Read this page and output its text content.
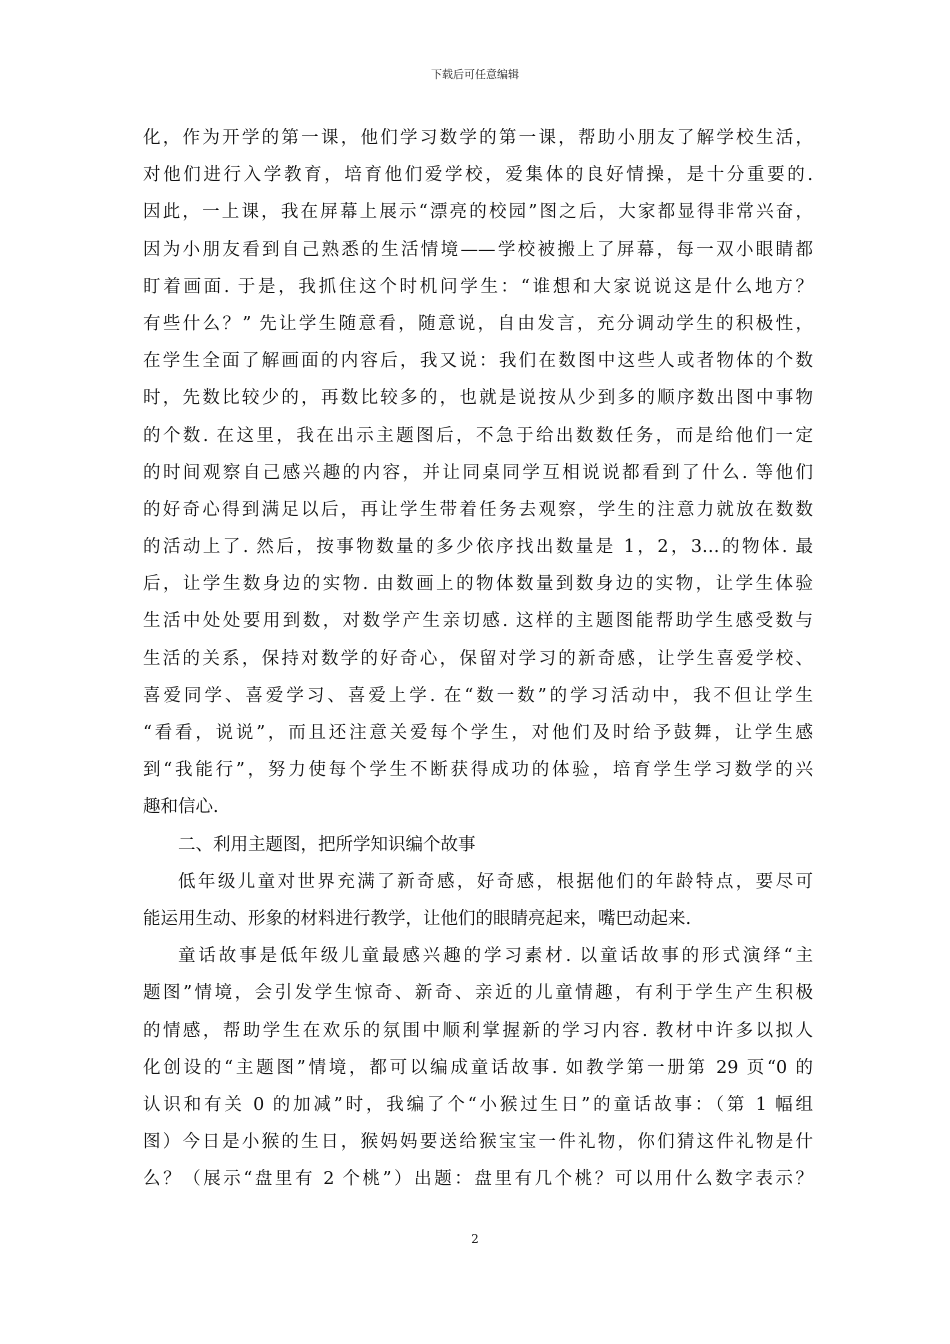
下载后可任意编辑
化，作为开学的第一课，他们学习数学的第一课，帮助小朋友了解学校生活，
对他们进行入学教育，培育他们爱学校，爱集体的良好情操，是十分重要的.
因此，一上课，我在屏幕上展示“漂亮的校园”图之后，大家都显得非常兴奋，
因为小朋友看到自己熟悉的生活情境——学校被搬上了屏幕，每一双小眼睛都
盯着画面. 于是，我抓住这个时机问学生：“谁想和大家说说这是什么地方？
有些什么？” 先让学生随意看，随意说，自由发言，充分调动学生的积极性，
在学生全面了解画面的内容后，我又说：我们在数图中这些人或者物体的个数
时，先数比较少的，再数比较多的，也就是说按从少到多的顺序数出图中事物
的个数. 在这里，我在出示主题图后，不急于给出数数任务，而是给他们一定
的时间观察自己感兴趣的内容，并让同桌同学互相说说都看到了什么. 等他们
的好奇心得到满足以后，再让学生带着任务去观察，学生的注意力就放在数数
的活动上了. 然后，按事物数量的多少依序找出数量是 1，2，3…的物体. 最
后，让学生数身边的实物. 由数画上的物体数量到数身边的实物，让学生体验
生活中处处要用到数，对数学产生亲切感. 这样的主题图能帮助学生感受数与
生活的关系，保持对数学的好奇心，保留对学习的新奇感，让学生喜爱学校、
喜爱同学、喜爱学习、喜爱上学. 在“数一数”的学习活动中，我不但让学生
“看看，说说”，而且还注意关爱每个学生，对他们及时给予鼓舞，让学生感
到“我能行”，努力使每个学生不断获得成功的体验，培育学生学习数学的兴
趣和信心.
二、利用主题图，把所学知识编个故事
低年级儿童对世界充满了新奇感，好奇感，根据他们的年龄特点，要尽可
能运用生动、形象的材料进行教学，让他们的眼睛亮起来，嘴巴动起来.
童话故事是低年级儿童最感兴趣的学习素材. 以童话故事的形式演绎“主
题图”情境，会引发学生惊奇、新奇、亲近的儿童情趣，有利于学生产生积极
的情感，帮助学生在欢乐的氛围中顺利掌握新的学习内容. 教材中许多以拟人
化创设的“主题图”情境，都可以编成童话故事. 如教学第一册第 29 页“0 的
认识和有关 0 的加减”时，我编了个“小猴过生日”的童话故事：（第 1 幅组
图）今日是小猴的生日，猴妈妈要送给猴宝宝一件礼物，你们猜这件礼物是什
么？（展示“盘里有 2 个桃”）出题：盘里有几个桃？可以用什么数字表示？
2
